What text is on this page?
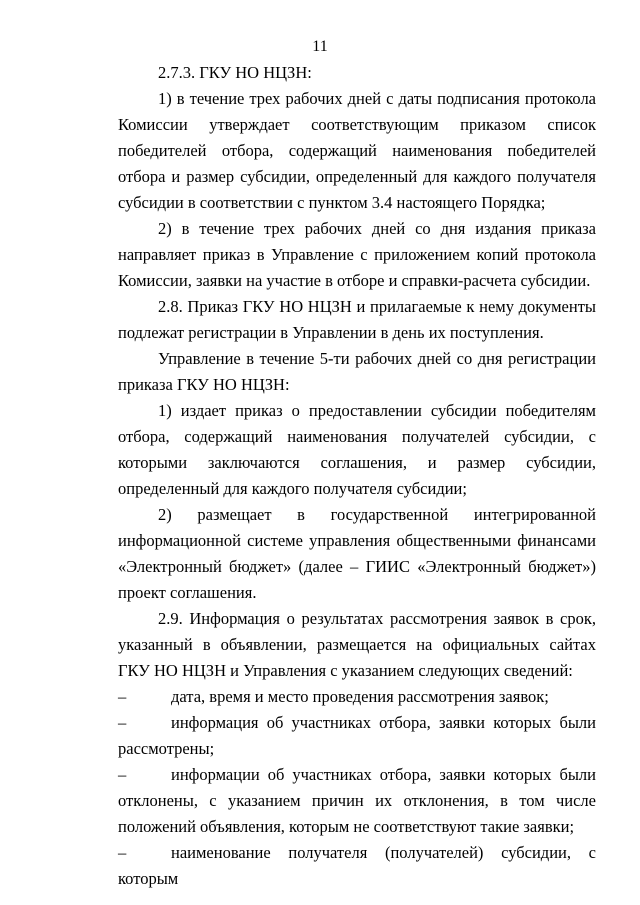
11

2.7.3. ГКУ НО НЦЗН:

1) в течение трех рабочих дней с даты подписания протокола Комиссии утверждает соответствующим приказом список победителей отбора, содержащий наименования победителей отбора и размер субсидии, определенный для каждого получателя субсидии в соответствии с пунктом 3.4 настоящего Порядка;

2) в течение трех рабочих дней со дня издания приказа направляет приказ в Управление с приложением копий протокола Комиссии, заявки на участие в отборе и справки-расчета субсидии.

2.8. Приказ ГКУ НО НЦЗН и прилагаемые к нему документы подлежат регистрации в Управлении в день их поступления.

Управление в течение 5-ти рабочих дней со дня регистрации приказа ГКУ НО НЦЗН:

1) издает приказ о предоставлении субсидии победителям отбора, содержащий наименования получателей субсидии, с которыми заключаются соглашения, и размер субсидии, определенный для каждого получателя субсидии;

2) размещает в государственной интегрированной информационной системе управления общественными финансами «Электронный бюджет» (далее – ГИИС «Электронный бюджет») проект соглашения.

2.9. Информация о результатах рассмотрения заявок в срок, указанный в объявлении, размещается на официальных сайтах ГКУ НО НЦЗН и Управления с указанием следующих сведений:

–	дата, время и место проведения рассмотрения заявок;

–	информация об участниках отбора, заявки которых были рассмотрены;

–	информации об участниках отбора, заявки которых были отклонены, с указанием причин их отклонения, в том числе положений объявления, которым не соответствуют такие заявки;

–	наименование получателя (получателей) субсидии, с которым
